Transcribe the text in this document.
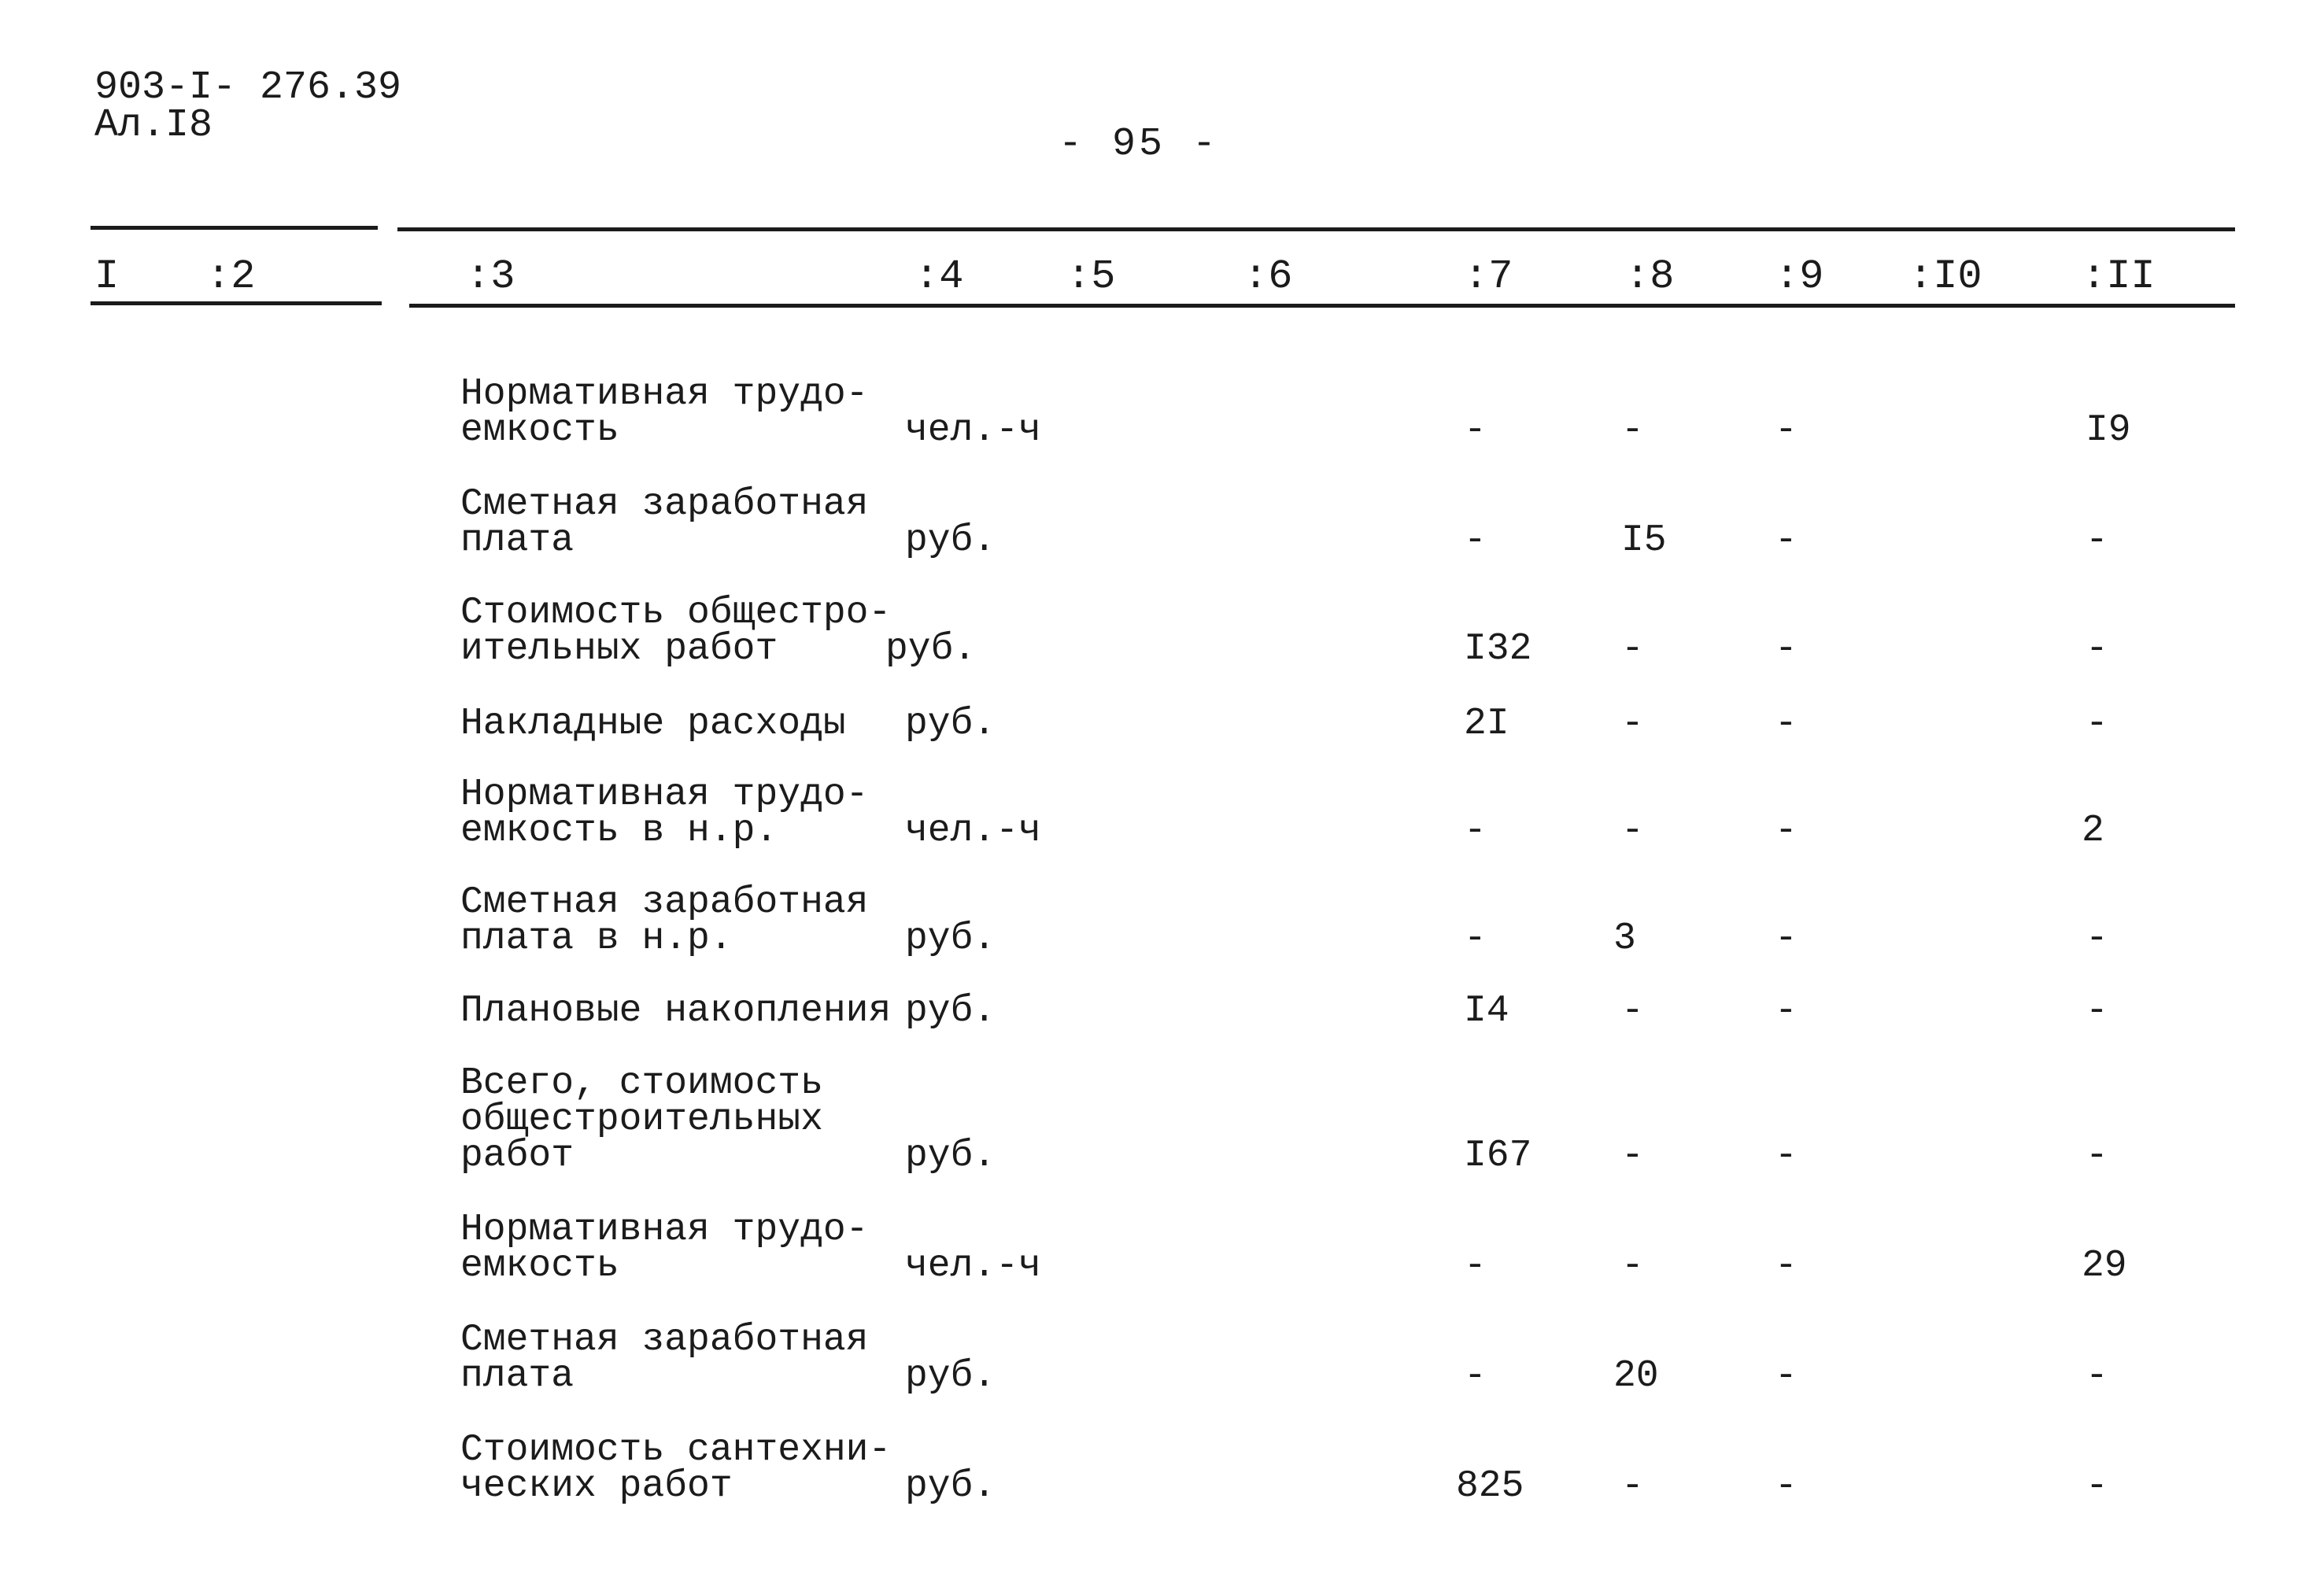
903-I- 276.39
Ал.I8	- 95 -
I :2	:3	:4	:5	:6	:7	:8 :9 :I0 :II
Нормативная трудо-
емкость	чел.-ч	-	-	-	I9
Сметная заработная
плата	руб.	-	I5	-	-
Стоимость общестро-
ительных работ	руб.	I32 -	-	-
Накладные расходы руб.	2I	-	-	-
Нормативная трудо-
емкость в н.р.	чел.-ч	-	-	-	2
Сметная заработная
плата в н.р.	руб.	-	3	-	-
Плановые накопления руб.	I4	-	-	-
Всего, стоимость
общестроительных
работ	руб.	I67 -	-	-
Нормативная трудо-
емкость	чел.-ч	-	-	-	29
Сметная заработная
плата	руб.	-	20	-	-
Стоимость сантехни-
ческих работ	руб.	825	-	-	-
